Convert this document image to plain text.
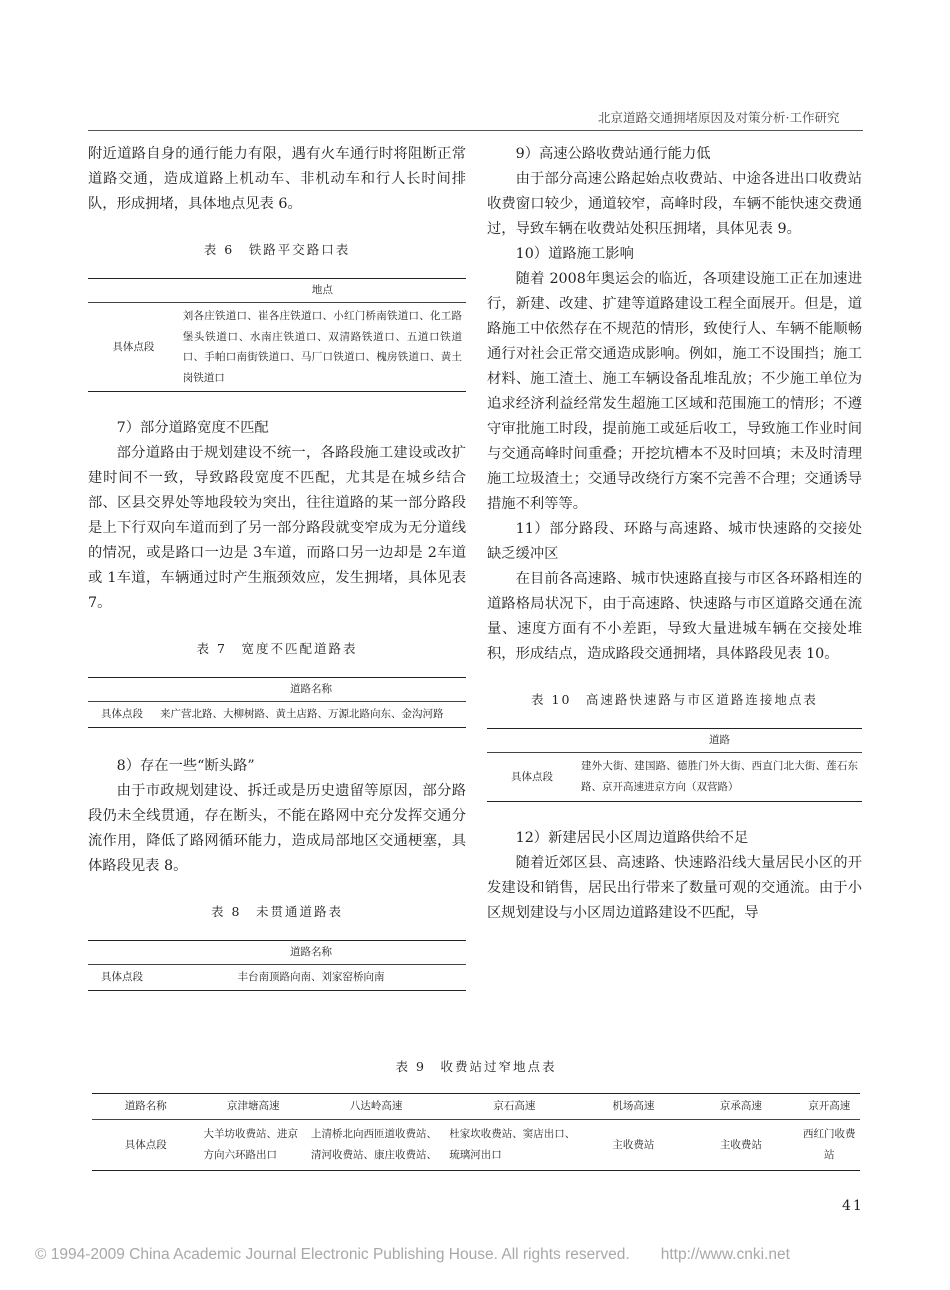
北京道路交通拥堵原因及对策分析·工作研究

附近道路自身的通行能力有限，遇有火车通行时将阻断正常道路交通，造成道路上机动车、非机动车和行人长时间排队，形成拥堵，具体地点见表 6。

表 6　铁路平交路口表
	地点
具体点段	刘各庄铁道口、崔各庄铁道口、小红门桥南铁道口、化工路堡头铁道口、水南庄铁道口、双清路铁道口、五道口铁道口、手帕口南街铁道口、马厂口铁道口、槐房铁道口、黄土岗铁道口

7）部分道路宽度不匹配

部分道路由于规划建设不统一，各路段施工建设或改扩建时间不一致，导致路段宽度不匹配，尤其是在城乡结合部、区县交界处等地段较为突出，往往道路的某一部分路段是上下行双向车道而到了另一部分路段就变窄成为无分道线的情况，或是路口一边是 3车道，而路口另一边却是 2车道或 1车道，车辆通过时产生瓶颈效应，发生拥堵，具体见表 7。

表 7　宽度不匹配道路表
	道路名称
具体点段	来广营北路、大柳树路、黄土店路、万源北路向东、金沟河路

8）存在一些“断头路”

由于市政规划建设、拆迁或是历史遗留等原因，部分路段仍未全线贯通，存在断头，不能在路网中充分发挥交通分流作用，降低了路网循环能力，造成局部地区交通梗塞，具体路段见表 8。

表 8　未贯通道路表
	道路名称
具体点段	丰台南顶路向南、刘家窑桥向南

9）高速公路收费站通行能力低

由于部分高速公路起始点收费站、中途各进出口收费站收费窗口较少，通道较窄，高峰时段，车辆不能快速交费通过，导致车辆在收费站处积压拥堵，具体见表 9。

10）道路施工影响

随着 2008年奥运会的临近，各项建设施工正在加速进行，新建、改建、扩建等道路建设工程全面展开。但是，道路施工中依然存在不规范的情形，致使行人、车辆不能顺畅通行对社会正常交通造成影响。例如，施工不设围挡；施工材料、施工渣土、施工车辆设备乱堆乱放；不少施工单位为追求经济利益经常发生超施工区域和范围施工的情形；不遵守审批施工时段，提前施工或延后收工，导致施工作业时间与交通高峰时间重叠；开挖坑槽本不及时回填；未及时清理施工垃圾渣土；交通导改绕行方案不完善不合理；交通诱导措施不利等等。

11）部分路段、环路与高速路、城市快速路的交接处缺乏缓冲区

在目前各高速路、城市快速路直接与市区各环路相连的道路格局状况下，由于高速路、快速路与市区道路交通在流量、速度方面有不小差距，导致大量进城车辆在交接处堆积，形成结点，造成路段交通拥堵，具体路段见表 10。

表 10　高速路快速路与市区道路连接地点表
	道路
具体点段	建外大街、建国路、德胜门外大街、西直门北大街、莲石东路、京开高速进京方向（双营路）

12）新建居民小区周边道路供给不足

随着近郊区县、高速路、快速路沿线大量居民小区的开发建设和销售，居民出行带来了数量可观的交通流。由于小区规划建设与小区周边道路建设不匹配，导

表 9　收费站过窄地点表
道路名称	京津塘高速	八达岭高速	京石高速	机场高速	京承高速	京开高速
具体点段	大羊坊收费站、进京方向六环路出口	上清桥北向西匝道收费站、清河收费站、康庄收费站、	杜家坎收费站、窦店出口、琉璃河出口	主收费站	主收费站	西红门收费站
41
© 1994-2009 China Academic Journal Electronic Publishing House. All rights reserved.　　http://www.cnki.net
